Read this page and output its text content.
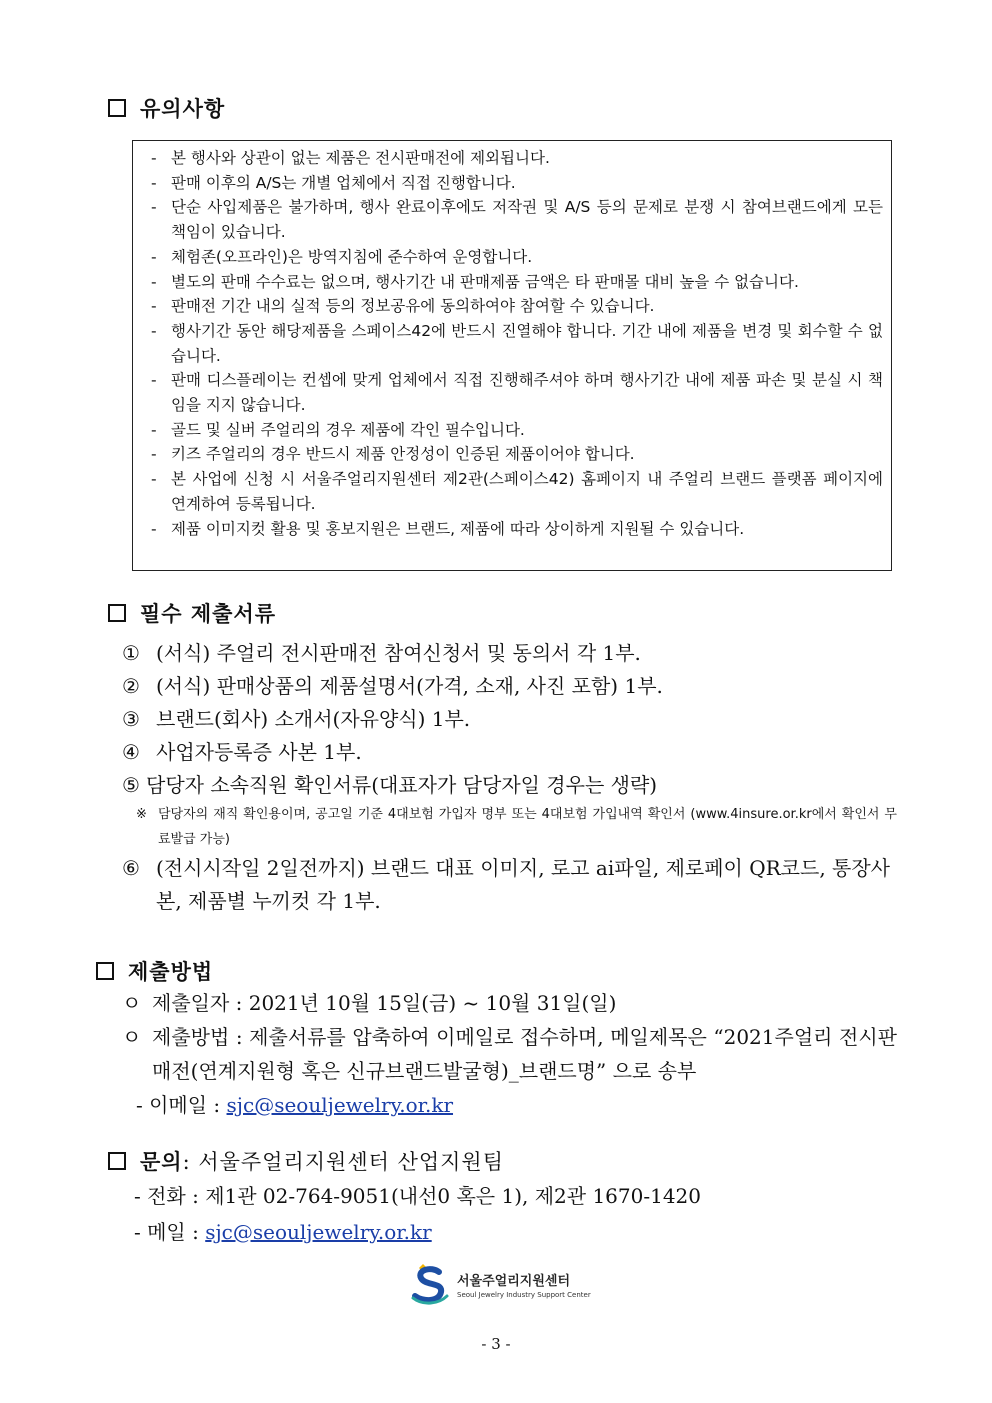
유의사항
- 본 행사와 상관이 없는 제품은 전시판매전에 제외됩니다.
- 판매 이후의 A/S는 개별 업체에서 직접 진행합니다.
- 단순 사입제품은 불가하며, 행사 완료이후에도 저작권 및 A/S 등의 문제로 분쟁 시 참여브랜드에게 모든 책임이 있습니다.
- 체험존(오프라인)은 방역지침에 준수하여 운영합니다.
- 별도의 판매 수수료는 없으며, 행사기간 내 판매제품 금액은 타 판매몰 대비 높을 수 없습니다.
- 판매전 기간 내의 실적 등의 정보공유에 동의하여야 참여할 수 있습니다.
- 행사기간 동안 해당제품을 스페이스42에 반드시 진열해야 합니다. 기간 내에 제품을 변경 및 회수할 수 없습니다.
- 판매 디스플레이는 컨셉에 맞게 업체에서 직접 진행해주셔야 하며 행사기간 내에 제품 파손 및 분실 시 책임을 지지 않습니다.
- 골드 및 실버 주얼리의 경우 제품에 각인 필수입니다.
- 키즈 주얼리의 경우 반드시 제품 안정성이 인증된 제품이어야 합니다.
- 본 사업에 신청 시 서울주얼리지원센터 제2관(스페이스42) 홈페이지 내 주얼리 브랜드 플랫폼 페이지에 연계하여 등록됩니다.
- 제품 이미지컷 활용 및 홍보지원은 브랜드, 제품에 따라 상이하게 지원될 수 있습니다.
필수 제출서류
① (서식) 주얼리 전시판매전 참여신청서 및 동의서 각 1부.
② (서식) 판매상품의 제품설명서(가격, 소재, 사진 포함) 1부.
③ 브랜드(회사) 소개서(자유양식) 1부.
④ 사업자등록증 사본 1부.
⑤ 담당자 소속직원 확인서류(대표자가 담당자일 경우는 생략)
※ 담당자의 재직 확인용이며, 공고일 기준 4대보험 가입자 명부 또는 4대보험 가입내역 확인서 (www.4insure.or.kr에서 확인서 무료발급 가능)
⑥ (전시시작일 2일전까지) 브랜드 대표 이미지, 로고 ai파일, 제로페이 QR코드, 통장사본, 제품별 누끼컷 각 1부.
제출방법
ㅇ 제출일자 : 2021년 10월 15일(금) ~ 10월 31일(일)
ㅇ 제출방법 : 제출서류를 압축하여 이메일로 접수하며, 메일제목은 “2021주얼리 전시판매전(연계지원형 혹은 신규브랜드발굴형)_브랜드명” 으로 송부
- 이메일 : sjc@seouljewelry.or.kr
문의 : 서울주얼리지원센터 산업지원팀
- 전화 : 제1관 02-764-9051(내선0 혹은 1), 제2관 1670-1420
- 메일 : sjc@seouljewelry.or.kr
서울주얼리지원센터
Seoul Jewelry Industry Support Center
- 3 -
